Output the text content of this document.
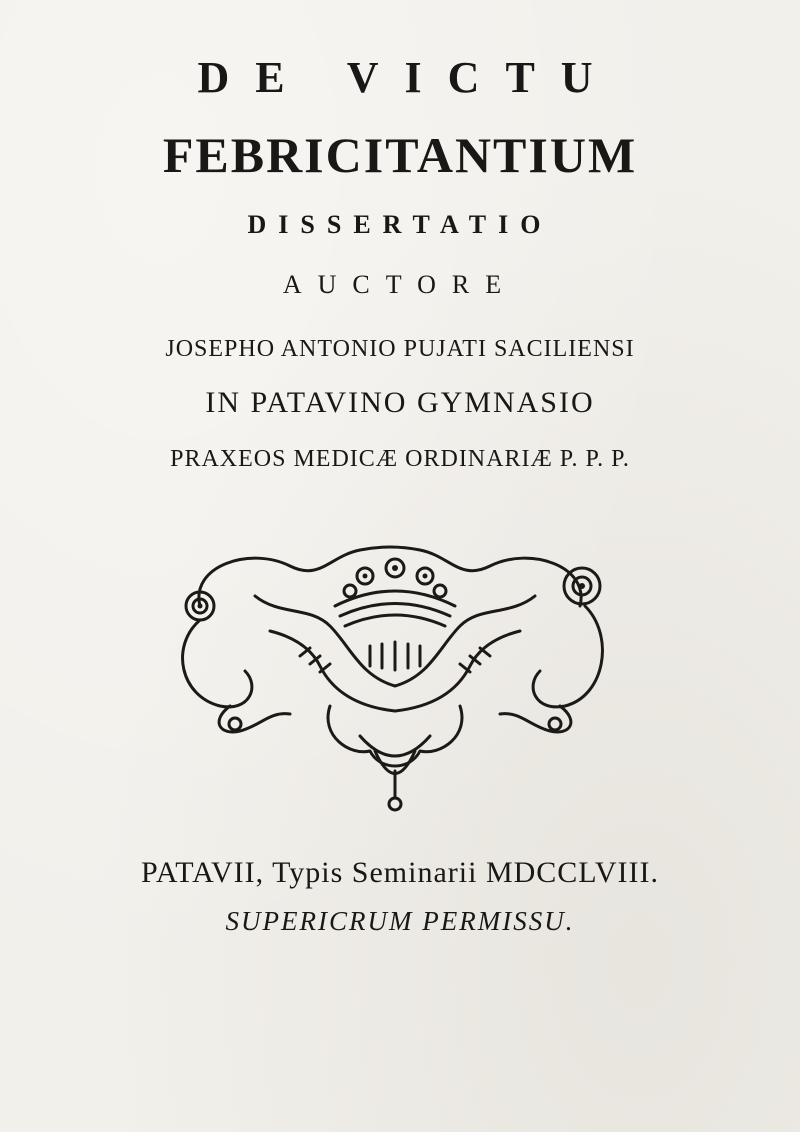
DE VICTU
FEBRICITANTIUM
DISSERTATIO
AUCTORE
JOSEPHO ANTONIO PUJATI SACILIENSI
IN PATAVINO GYMNASIO
PRAXEOS MEDICÆ ORDINARIÆ P. P. P.
PATAVII, Typis Seminarii MDCCLVIII.
SUPERICRUM PERMISSU.
